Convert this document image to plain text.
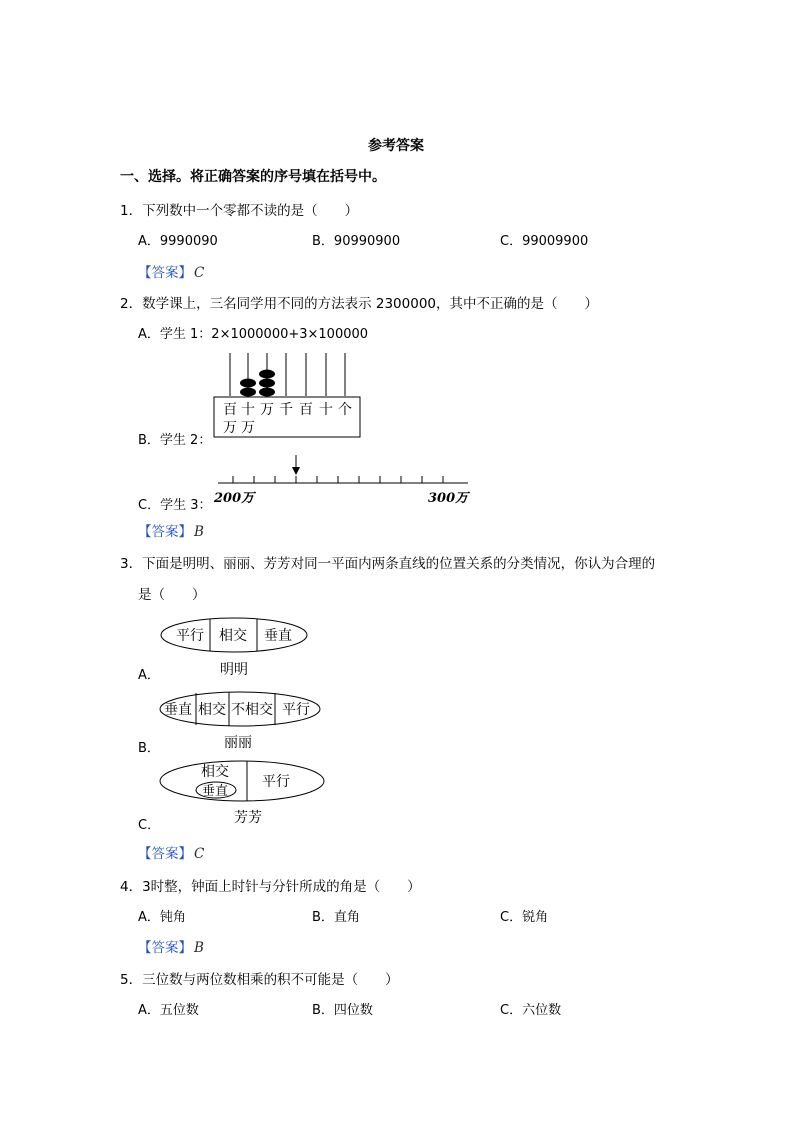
参考答案
一、选择。将正确答案的序号填在括号中。
1．下列数中一个零都不读的是（　　）
A．9990090	B．90990900	C．99009900
【答案】 C
2．数学课上，三名同学用不同的方法表示 2300000，其中不正确的是（　　）
A．学生 1：2×1000000+3×100000
百 十 万 千 百 十 个
万 万
B．学生 2：
200万	300万
C．学生 3：
【答案】 B
3．下面是明明、丽丽、芳芳对同一平面内两条直线的位置关系的分类情况，你认为合理的
是（　　）
平行 相交 垂直
明明
A．
垂直 相交 不相交 平行
丽丽
B．
相交
垂直
平行
芳芳
C．
【答案】 C
4．3时整，钟面上时针与分针所成的角是（　　）
A．钝角	B．直角	C．锐角
【答案】 B
5．三位数与两位数相乘的积不可能是（　　）
A．五位数	B．四位数	C．六位数
